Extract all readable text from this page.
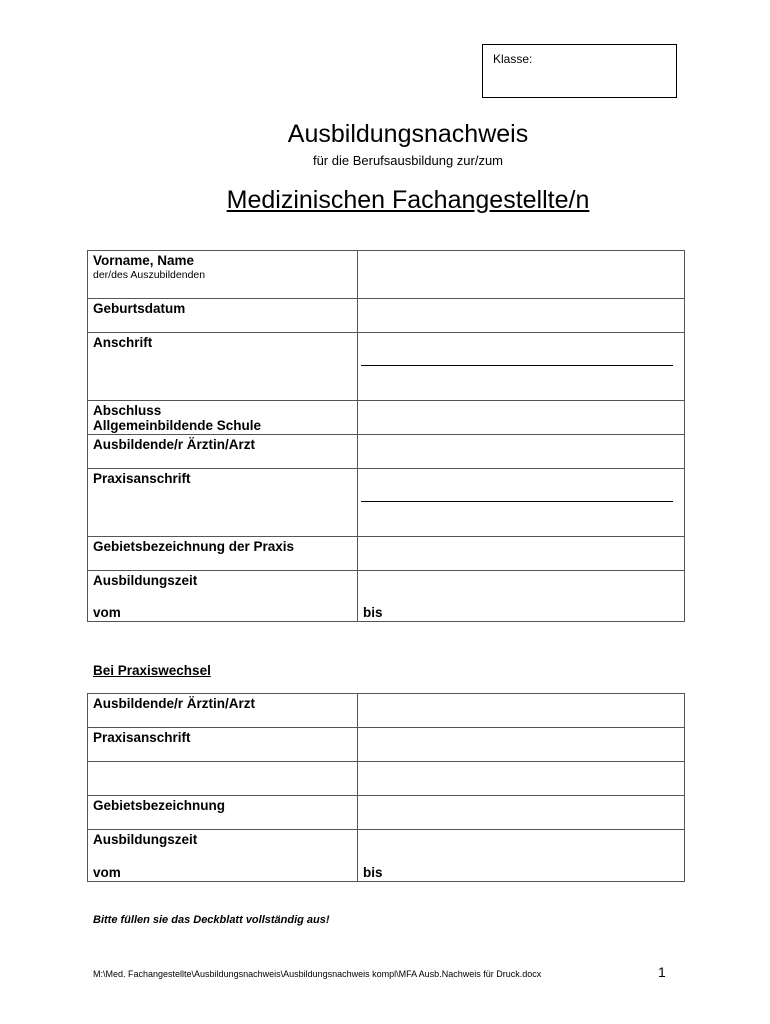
Klasse:
Ausbildungsnachweis
für die Berufsausbildung zur/zum
Medizinischen Fachangestellte/n
Vorname, Name
der/des Auszubildenden	

Geburtsdatum	

Anschrift	

Abschluss
Allgemeinbildende Schule	

Ausbildende/r Ärztin/Arzt	

Praxisanschrift	

Gebietsbezeichnung der Praxis	

Ausbildungszeit
vom	bis
Bei Praxiswechsel
Ausbildende/r Ärztin/Arzt	

Praxisanschrift	

Gebietsbezeichnung	

Ausbildungszeit
vom	bis
Bitte füllen sie das Deckblatt vollständig aus!
M:\Med. Fachangestellte\Ausbildungsnachweis\Ausbildungsnachweis kompl\MFA Ausb.Nachweis für Druck.docx	1
